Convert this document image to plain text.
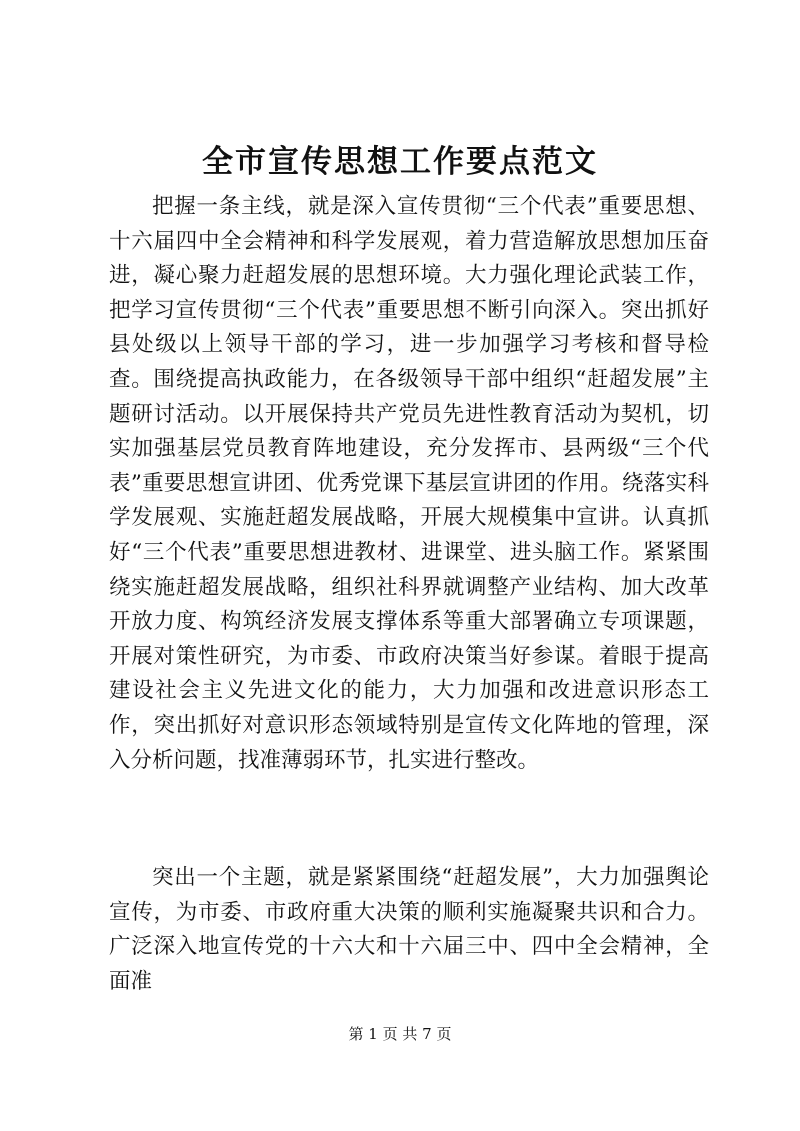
全市宣传思想工作要点范文

把握一条主线，就是深入宣传贯彻“三个代表”重要思想、十六届四中全会精神和科学发展观，着力营造解放思想加压奋进，凝心聚力赶超发展的思想环境。大力强化理论武装工作，把学习宣传贯彻“三个代表”重要思想不断引向深入。突出抓好县处级以上领导干部的学习，进一步加强学习考核和督导检查。围绕提高执政能力，在各级领导干部中组织“赶超发展”主题研讨活动。以开展保持共产党员先进性教育活动为契机，切实加强基层党员教育阵地建设，充分发挥市、县两级“三个代表”重要思想宣讲团、优秀党课下基层宣讲团的作用。绕落实科学发展观、实施赶超发展战略，开展大规模集中宣讲。认真抓好“三个代表”重要思想进教材、进课堂、进头脑工作。紧紧围绕实施赶超发展战略，组织社科界就调整产业结构、加大改革开放力度、构筑经济发展支撑体系等重大部署确立专项课题，开展对策性研究，为市委、市政府决策当好参谋。着眼于提高建设社会主义先进文化的能力，大力加强和改进意识形态工作，突出抓好对意识形态领域特别是宣传文化阵地的管理，深入分析问题，找准薄弱环节，扎实进行整改。

突出一个主题，就是紧紧围绕“赶超发展”，大力加强舆论宣传，为市委、市政府重大决策的顺利实施凝聚共识和合力。广泛深入地宣传党的十六大和十六届三中、四中全会精神，全面准

第 1 页 共 7 页
